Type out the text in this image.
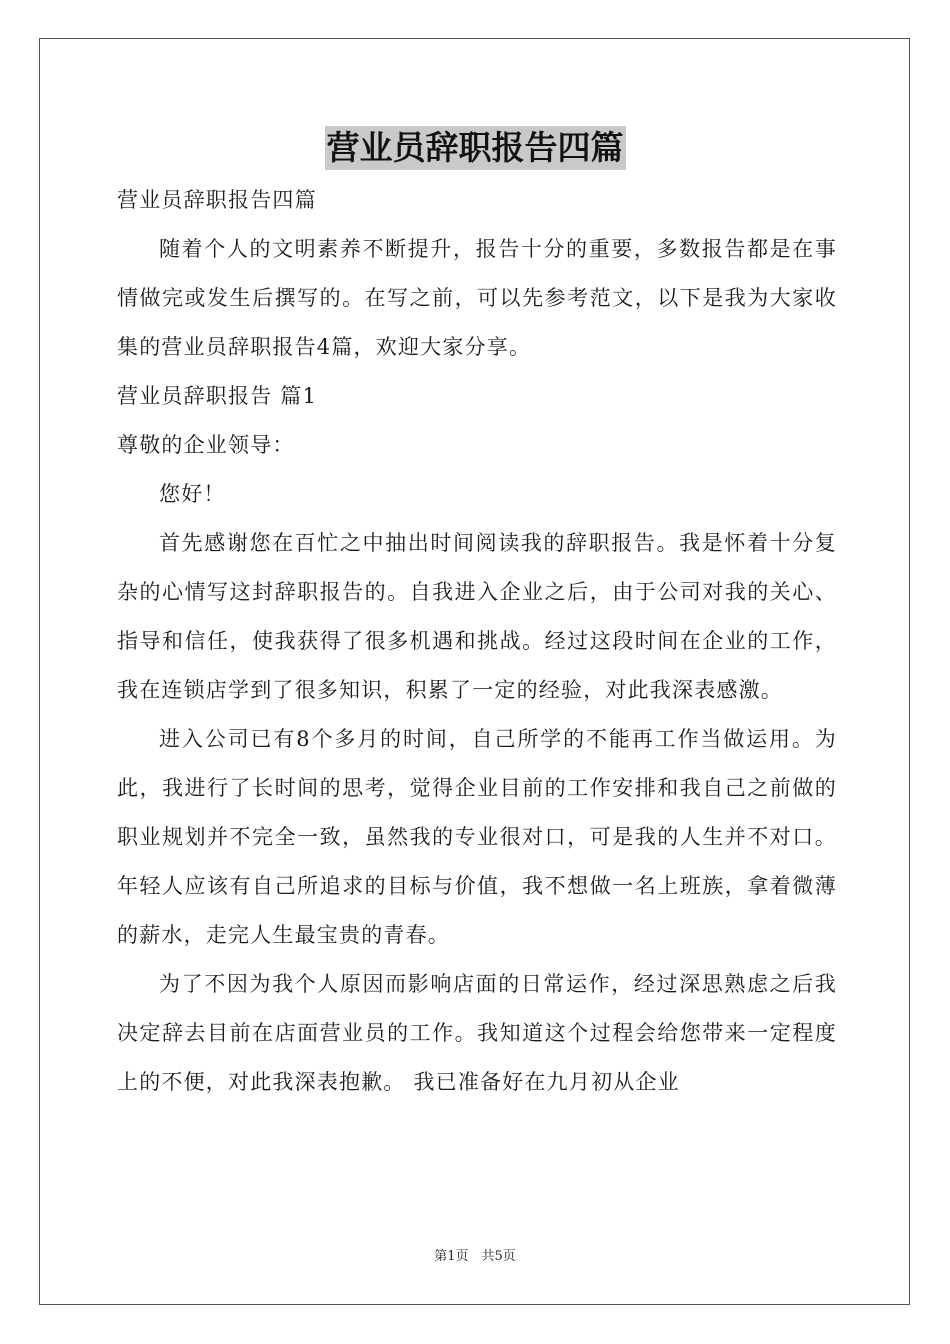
营业员辞职报告四篇

营业员辞职报告四篇

随着个人的文明素养不断提升，报告十分的重要，多数报告都是在事情做完或发生后撰写的。在写之前，可以先参考范文，以下是我为大家收集的营业员辞职报告4篇，欢迎大家分享。

营业员辞职报告 篇1

尊敬的企业领导：

您好！

首先感谢您在百忙之中抽出时间阅读我的辞职报告。我是怀着十分复杂的心情写这封辞职报告的。自我进入企业之后，由于公司对我的关心、指导和信任，使我获得了很多机遇和挑战。经过这段时间在企业的工作，我在连锁店学到了很多知识，积累了一定的经验，对此我深表感激。

进入公司已有8个多月的时间，自己所学的不能再工作当做运用。为此，我进行了长时间的思考，觉得企业目前的工作安排和我自己之前做的职业规划并不完全一致，虽然我的专业很对口，可是我的人生并不对口。年轻人应该有自己所追求的目标与价值，我不想做一名上班族，拿着微薄的薪水，走完人生最宝贵的青春。

为了不因为我个人原因而影响店面的日常运作，经过深思熟虑之后我决定辞去目前在店面营业员的工作。我知道这个过程会给您带来一定程度上的不便，对此我深表抱歉。 我已准备好在九月初从企业

第1页　共5页
